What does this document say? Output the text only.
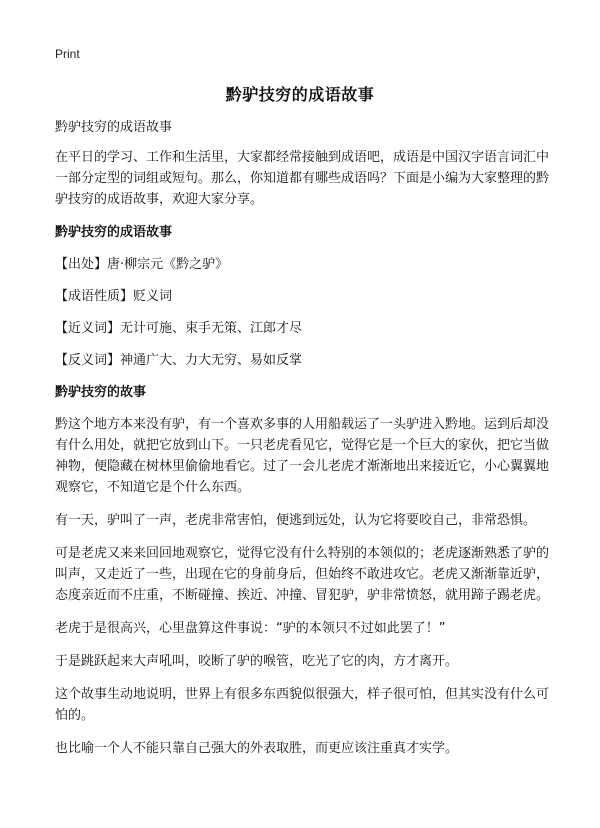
Print
黔驴技穷的成语故事

黔驴技穷的成语故事

在平日的学习、工作和生活里，大家都经常接触到成语吧，成语是中国汉字语言词汇中一部分定型的词组或短句。那么，你知道都有哪些成语吗？下面是小编为大家整理的黔驴技穷的成语故事，欢迎大家分享。

黔驴技穷的成语故事

【出处】唐·柳宗元《黔之驴》

【成语性质】贬义词

【近义词】无计可施、束手无策、江郎才尽

【反义词】神通广大、力大无穷、易如反掌

黔驴技穷的故事

黔这个地方本来没有驴，有一个喜欢多事的人用船载运了一头驴进入黔地。运到后却没有什么用处，就把它放到山下。一只老虎看见它，觉得它是一个巨大的家伙，把它当做神物，便隐藏在树林里偷偷地看它。过了一会儿老虎才渐渐地出来接近它，小心翼翼地观察它，不知道它是个什么东西。

有一天，驴叫了一声，老虎非常害怕，便逃到远处，认为它将要咬自己，非常恐惧。

可是老虎又来来回回地观察它，觉得它没有什么特别的本领似的；老虎逐渐熟悉了驴的叫声，又走近了一些，出现在它的身前身后，但始终不敢进攻它。老虎又渐渐靠近驴，态度亲近而不庄重，不断碰撞、挨近、冲撞、冒犯驴，驴非常愤怒，就用蹄子踢老虎。

老虎于是很高兴，心里盘算这件事说：“驴的本领只不过如此罢了！”

于是跳跃起来大声吼叫，咬断了驴的喉管，吃光了它的肉，方才离开。

这个故事生动地说明，世界上有很多东西貌似很强大，样子很可怕，但其实没有什么可怕的。

也比喻一个人不能只靠自己强大的外表取胜，而更应该注重真才实学。
